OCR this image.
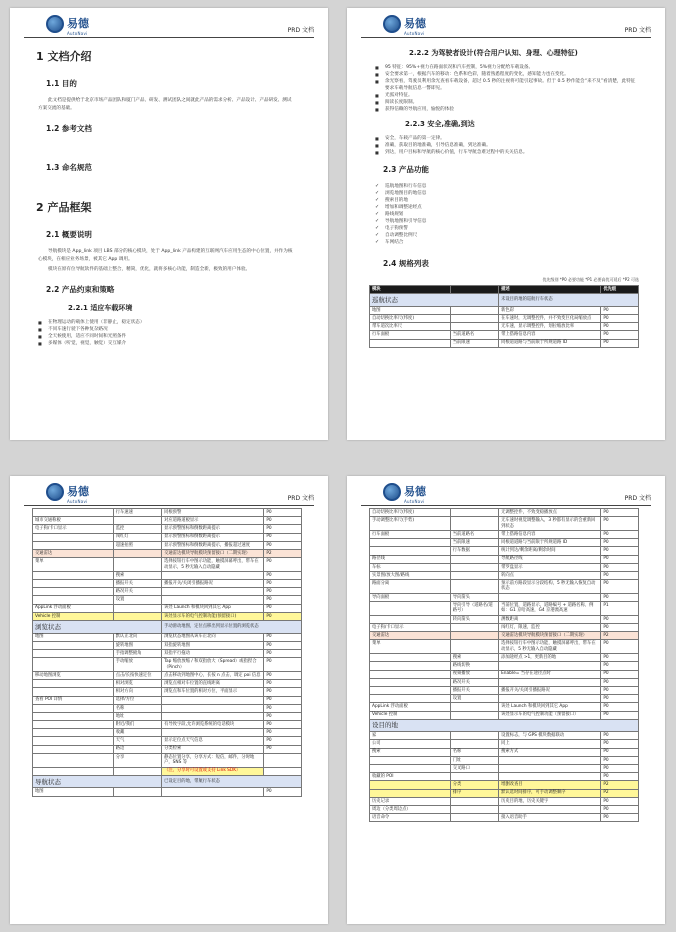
易德
AutoNavi	PRD 文档
1 文档介绍
1.1 目的
此文档是提供给于北京市场产品团队和厦门产品、研发、测试团队之间就此产品的需求分析、产品设计、产品研发、测试方案交流的基础。
1.2 参考文档
1.3 命名规范
2 产品框架
2.1 概要说明
导航模块是 App_link 项目 LBS 部分的核心模块，处于 App_link 产品构建的互联网汽车应用生态的中心位置，并作为核心模块，在相应业务场景，被其它 App 调用。
模块在原有位导航软件的基础上整合，精简，优化，就将多核心功能，制造全新，极致的用户体验。
2.2 产品约束和策略
2.2.1 适应车载环境
■ 在物理运动的载体上使用（非静止，稳定状态）
■ 不同车速行驶下各种复杂路况
■ 全天候使用，适应不同时间和光照条件
■ 多媒体（听觉，视觉，触觉）交互媒介
易德
AutoNavi	PRD 文档
2.2.2 为驾驶者设计(符合用户认知、身理、心理特征)
■ 95 特征：95%+视力在路面状况和汽车控制，5%视力分配给车载设备。
■ 安全要求第一，根据汽车的移动：色系和色彩，随着熟悉程度的变化，感知能力也在变化。
■ 余光察看，驾驶员利用余光查看车载设备，超过 0.5 秒的注视将可能引起事故。但于 0.5 秒作能会“来不及”看清楚，此特征要求车载导航信息一瞥即见。
■ 光弧对特征。
■ 阅读长度限制。
■ 获得信赖的导航应用，愉悦的体验
2.2.3 安全,准确,到达
■ 安全，车载产品的第一定律。
■ 准确，获取目的地准确，引导信息准确，到达准确。
■ 到达，用户目标和导航的核心价值，行车导航急难过程中的关关信息。
2.3 产品功能
✓ 巡航地图和行车信息
✓ 浏览地图目的地信息
✓ 搜索目的地
✓ 增加和调整途经点
✓ 路线规划
✓ 导航地图和引导信息
✓ 电子狗预警
✓ 自动调整比例尺
✓ 车网结合
2.4 规格列表
优先级别 *P0 必要功能 *P1 必要高优可延后 *P2 可选
模块		描述	优先级
巡航状态		未设目的地的巡航行车状态	
地图		新色彩	P0
自动切换比率尺(纬度)		在车速时，无调整控件，并不致变巨化局缩放点	P0
带车道次比率尺		无车速，显示调整控件，划拉缩放比率	P0
行车面板	当前道路名	带上搭路信息内容	P0
	当前限速	同根道道路与当前限于所规道路 ID	P0
易德
AutoNavi	PRD 文档
	行车速速	同根预警	P0
城市交通称板		对应道路道板显示	P0
电子狗/卡口显示	监控	显示预警图标和倒数距离提示	P0
	闯红灯	显示预警图标和倒数距离提示	P0
	超速拍照	显示预警图标和倒数距离提示，播报超过速度	P0
交通雷达		交通雷达模块导航模块预留接口（二期实现）	P2
菜单		选择按钮行车中图示功能，触摸屏幕呼出，带车在动显示，5 秒无输入自动隐藏	P0
	搜索		P0
	播报开关	播报开关/关闭引播报路况	P0
	路况开关		P0
	设置		P0
AppLink 浮动面板		该处 Launch 和模块回到其它 App	P0
Vehicle 控制		该处显示车的电气控制功能(预留接口)	P0
浏览状态		手动滑动地图，定位点移出到显示位置的浏览状态	
地图	默认正北向	浏览状态地图从该车正北向	P0
	旋转地图	双指旋转地图	P0
	手指调整俯角	双指平行拖动	P0
	手动缩放	Tap 缩放放缩 / 和双指放大（Spread）或指捏合（Pinch）	P0
移动地图浏览	点击/长按快速定位	点击移动到地图中心，长按 n 点击，调定 poi 信息	P0
	相对浏览	浏览点相对车位置的直线距离	P0
	相对方向	浏览点和车位置的相对方位，平面显示	P0
查看 POI 详情	选择/方位		P0
	名称		P0
	地址		P0
	附近/我们	有导致字段,允许浏览系统的电话模块	P0
	收藏		P0
	天气	显示定位点天气信息	P0
	路边	分类检索	P0
	分享	静态位置分享，分享方式：短信，邮件，分时地户，SNS 等	
		（注，分享时可设置或支持 Link SDK）	
导航状态		已设定目的地，带航行车状态	
地图			P0
易德
AutoNavi	PRD 文档
自动切换比率尺(纬度)		无调整控件，不致变稳播放点	P0
手动调整比率尺(手势)		无车速时视觉调整输入，3 秒都有显示的会重新回到状态	P0
行车面板	当前道路名	带上搭路信息内容	P0
	当前限速	同根道道路与当前限于所规道路 ID	P0
	行车数据	统计到达/剩余距离/剩余时间	P0
路径线		导航路径线	P0
车标		带罗盘显示	P0
实景图/放大图/路线		转向点	P0
路面分离		预示前方路段显示分段结构，5 秒无输入恢复自动状态	P0
导向面板	导向箭头		P0
	导向引导（道路名/道路号）	当前位置，道路显示，道路编号 + 道路名称、例如：G1 京哈高速，G4 京港澳高速	P1
	转向箭头	测数距离	P0
电子狗/卡口显示		闯红灯，限速，监控	P0
交通雷达		交通雷达模块导航模块预留接口（二期实现）	P2
菜单		选择按钮行车中图示功能，触摸屏幕呼出，带车在动显示，5 秒无输入自动隐藏	P0
	搜索	添加途经点 >1，更新目的地	P0
	路线切换		P0
	视频播放	Enable= 当存在途径点时	P0
	路况开关		P0
	播报开关	播报开关/关闭引播报路况	P0
	设置		P0
AppLink 浮动面板		该处 Launch 和模块回到其它 App	P0
Vehicle 控制		该处显示车的电气控制功能（预留接口）	P0
设目的地			
家		设置标志，与 GPS 模块数据联动	P0
公司		同上	P0
搜索	名称	搜索方式	P0
	门址		P0
	交叉路口		P0
收藏的 POI			P0
	分类	增删改查目	P2
	排序	默认选时间排序，可手动调整顺序	P2
历史记录		历史目的地，历史关键字	P0
周边（分类周边点）			P0
语音命令		接入语音助手	P0
